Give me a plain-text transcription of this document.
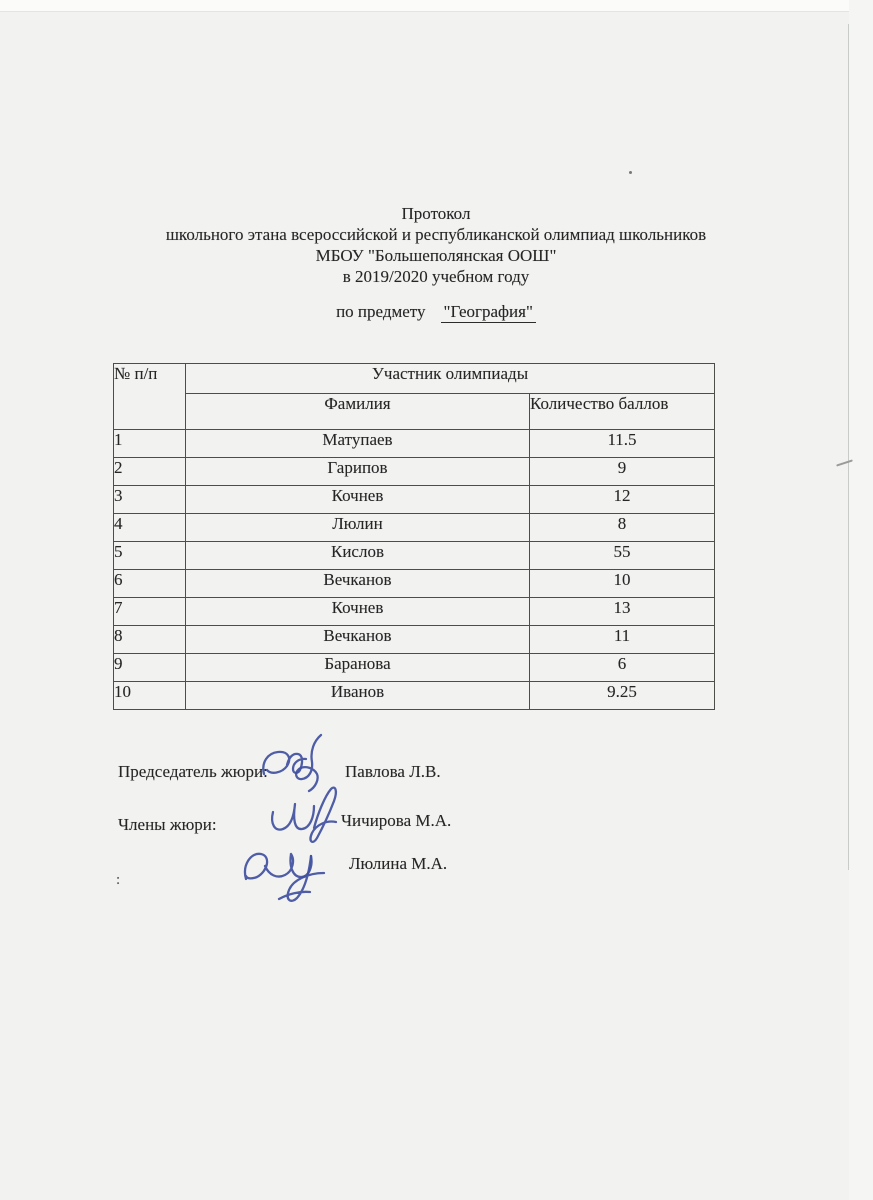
Протокол
школьного этана всероссийской и республиканской олимпиад школьников
МБОУ "Большеполянская ООШ"
в 2019/2020 учебном году
по предмету "География"
№ п/п	Участник олимпиады	
	Фамилия	Количество баллов
1	Матупаев	11.5
2	Гарипов	9
3	Кочнев	12
4	Люлин	8
5	Кислов	55
6	Вечканов	10
7	Кочнев	13
8	Вечканов	11
9	Баранова	6
10	Иванов	9.25
Председатель жюри:	Павлова Л.В.
Члены жюри:	Чичирова М.А.
Люлина М.А.
:
